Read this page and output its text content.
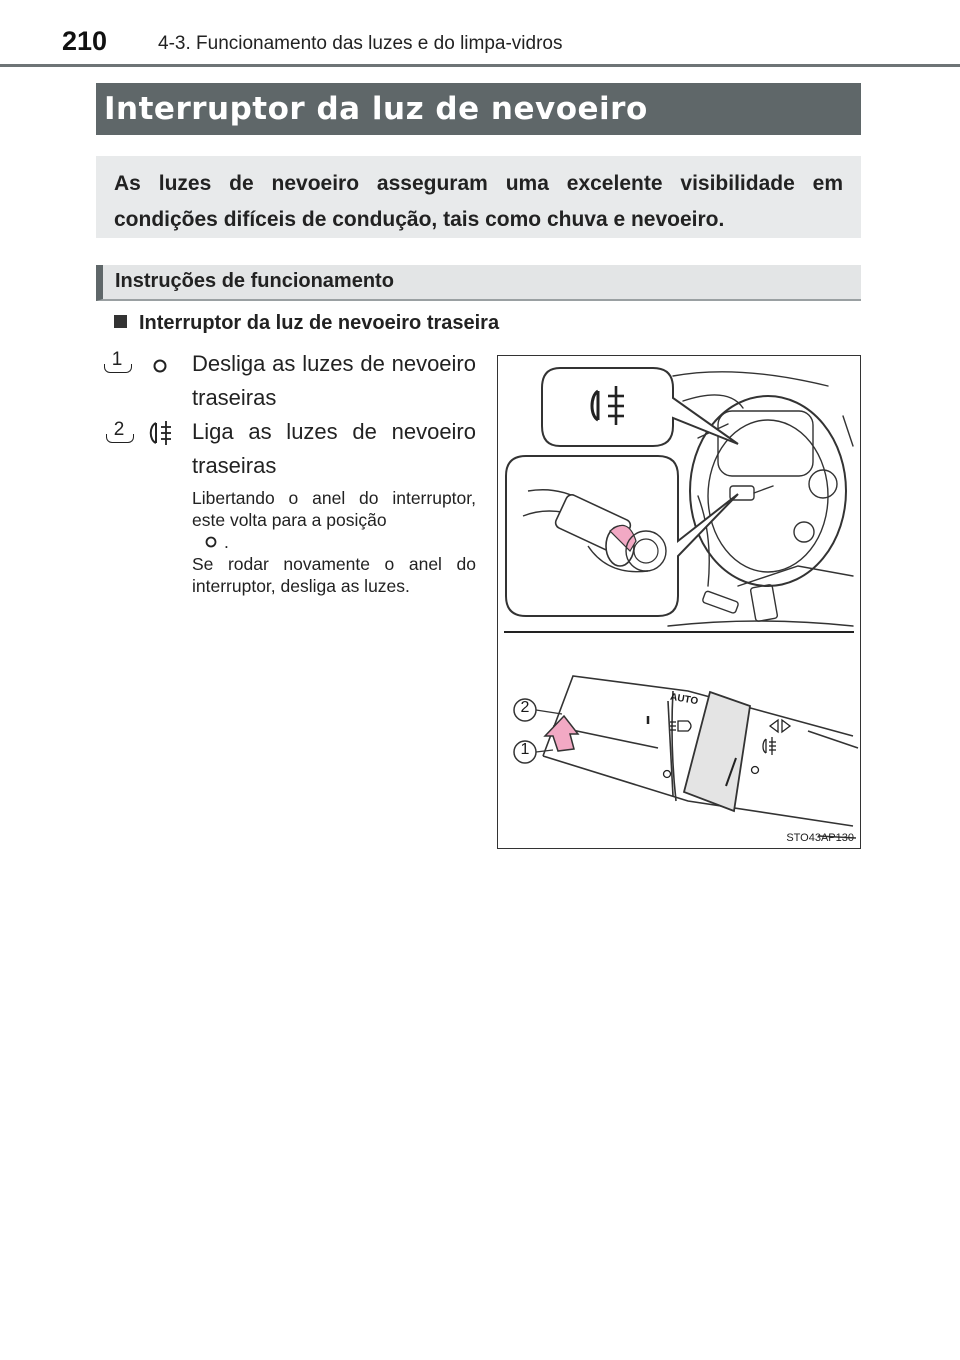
210	4-3. Funcionamento das luzes e do limpa-vidros
Interruptor da luz de nevoeiro
As luzes de nevoeiro asseguram uma excelente visibilidade em condições difíceis de condução, tais como chuva e nevoeiro.
Instruções de funcionamento
Interruptor da luz de nevoeiro traseira
1	Desliga as luzes de nevoeiro traseiras
2	Liga as luzes de nevoeiro traseiras
Libertando o anel do interruptor, este volta para a posição
.
Se rodar novamente o anel do interruptor, desliga as luzes.
2
1
AUTO
STO43AP130
